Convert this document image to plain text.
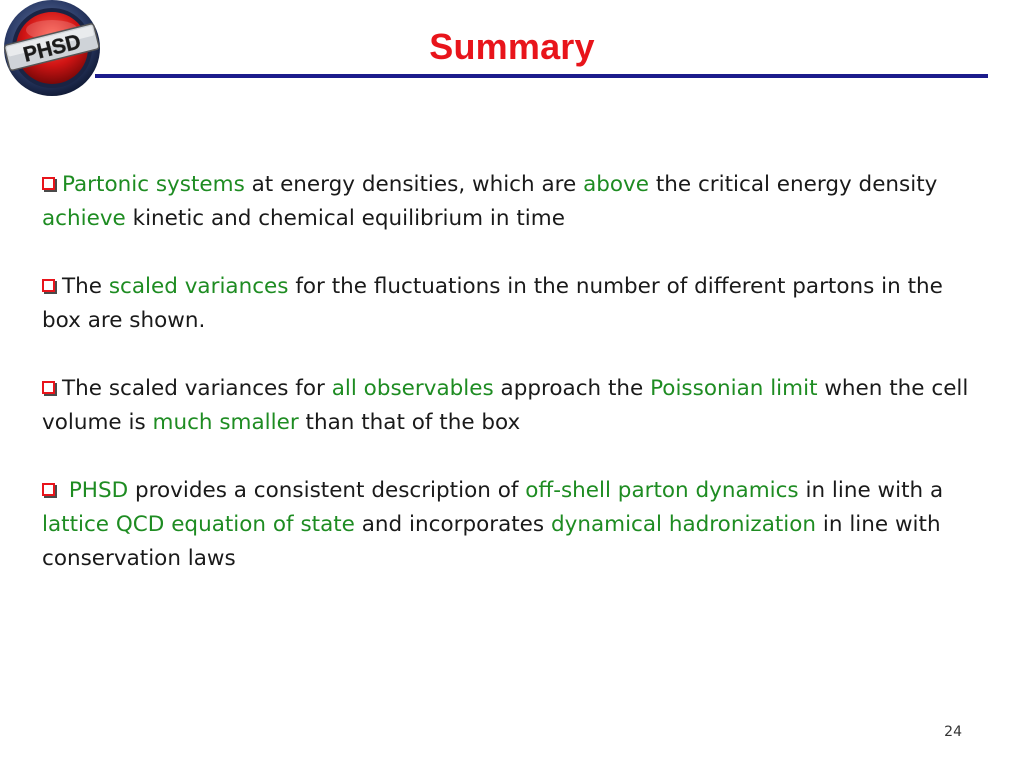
PHSD	Summary
Partonic systems at energy densities, which are above the critical energy density achieve kinetic and chemical equilibrium in time
The scaled variances for the fluctuations in the number of different partons in the box are shown.
The scaled variances for all observables approach the Poissonian limit when the cell volume is much smaller than that of the box
PHSD provides a consistent description of off-shell parton dynamics in line with a lattice QCD equation of state and incorporates dynamical hadronization in line with conservation laws
24
